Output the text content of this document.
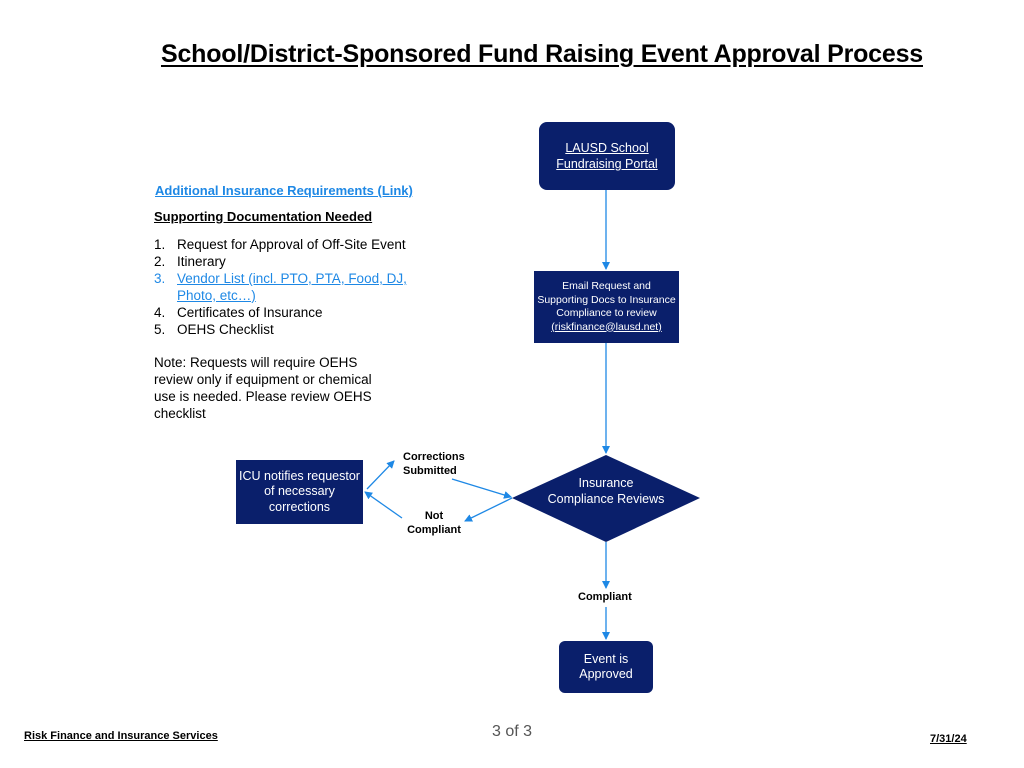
School/District-Sponsored Fund Raising Event Approval Process
LAUSD School Fundraising Portal
Email Request and Supporting Docs to Insurance Compliance to review
(riskfinance@lausd.net)
Insurance Compliance Reviews
ICU notifies requestor of necessary corrections
Event is Approved
Corrections Submitted
Not Compliant
Compliant
Additional Insurance Requirements (Link)
Supporting Documentation Needed
1. Request for Approval of Off-Site Event
2. Itinerary
3. Vendor List (incl. PTO, PTA, Food, DJ, Photo, etc…)
4. Certificates of Insurance
5. OEHS Checklist
Note: Requests will require OEHS review only if equipment or chemical use is needed. Please review OEHS checklist
3 of 3
Risk Finance and Insurance Services	7/31/24
